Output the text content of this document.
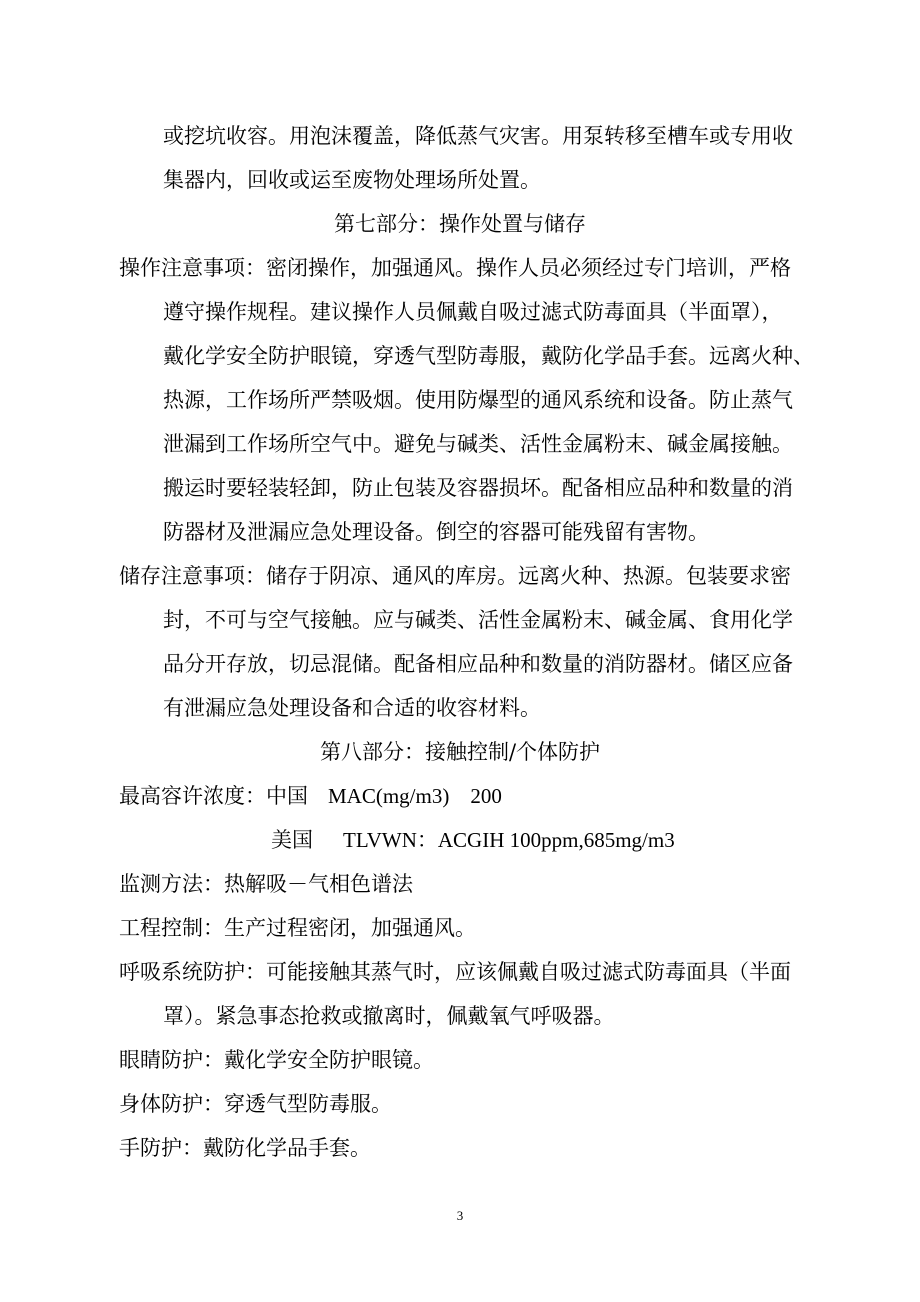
或挖坑收容。用泡沫覆盖，降低蒸气灾害。用泵转移至槽车或专用收
集器内，回收或运至废物处理场所处置。
第七部分：操作处置与储存
操作注意事项：密闭操作，加强通风。操作人员必须经过专门培训，严格
遵守操作规程。建议操作人员佩戴自吸过滤式防毒面具（半面罩），
戴化学安全防护眼镜，穿透气型防毒服，戴防化学品手套。远离火种、
热源，工作场所严禁吸烟。使用防爆型的通风系统和设备。防止蒸气
泄漏到工作场所空气中。避免与碱类、活性金属粉末、碱金属接触。
搬运时要轻装轻卸，防止包装及容器损坏。配备相应品种和数量的消
防器材及泄漏应急处理设备。倒空的容器可能残留有害物。
储存注意事项：储存于阴凉、通风的库房。远离火种、热源。包装要求密
封，不可与空气接触。应与碱类、活性金属粉末、碱金属、食用化学
品分开存放，切忌混储。配备相应品种和数量的消防器材。储区应备
有泄漏应急处理设备和合适的收容材料。
第八部分：接触控制/个体防护
最高容许浓度：中国 MAC(mg/m3)　200
美国 TLVWN：ACGIH 100ppm,685mg/m3
监测方法：热解吸－气相色谱法
工程控制：生产过程密闭，加强通风。
呼吸系统防护：可能接触其蒸气时，应该佩戴自吸过滤式防毒面具（半面
罩）。紧急事态抢救或撤离时，佩戴氧气呼吸器。
眼睛防护：戴化学安全防护眼镜。
身体防护：穿透气型防毒服。
手防护：戴防化学品手套。
3
